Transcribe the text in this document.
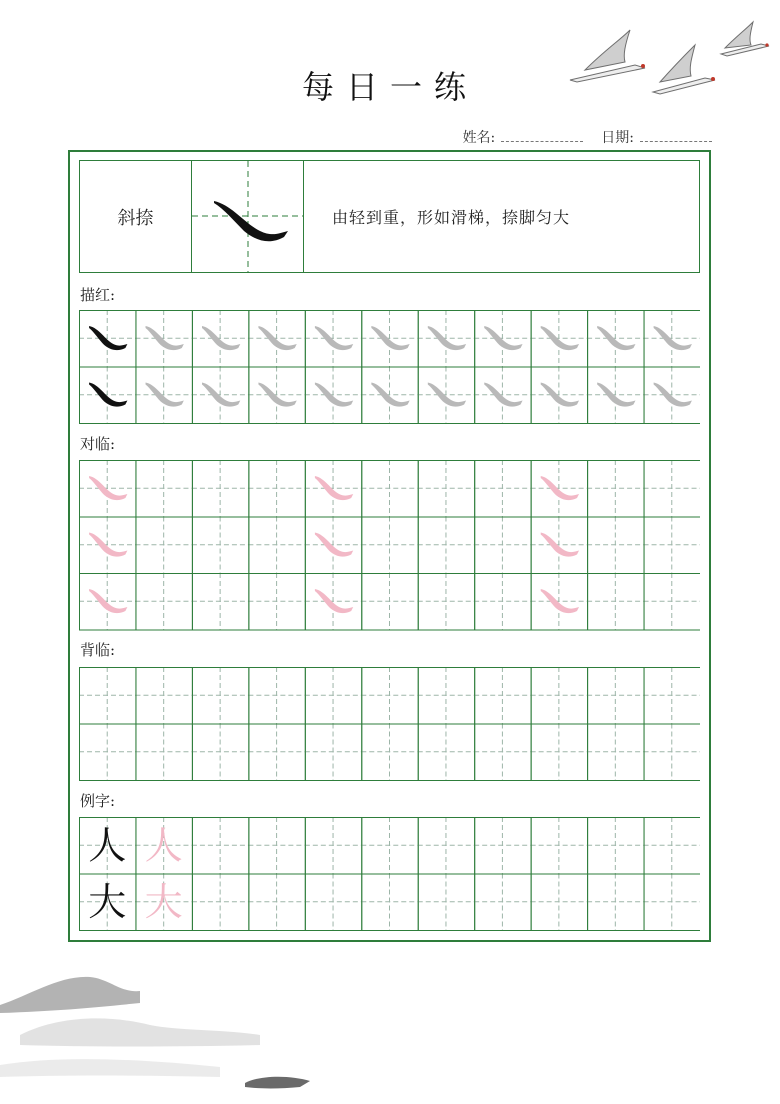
每日一练
姓名:	日期:
斜捺	由轻到重，形如滑梯，捺脚匀大
描红:
对临:
背临:
例字:
人 人
大 大
